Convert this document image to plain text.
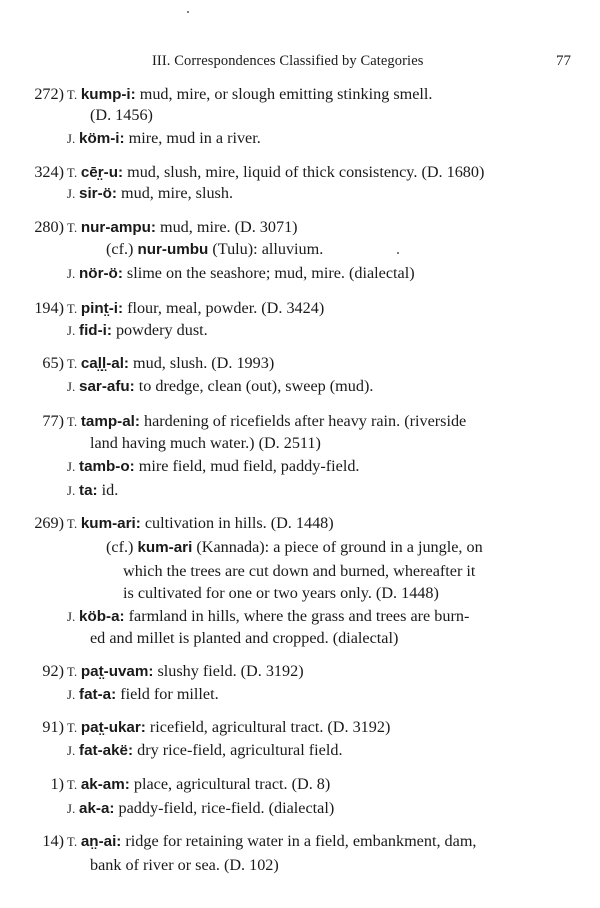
III. Correspondences Classified by Categories	77
272) T. kump-i: mud, mire, or slough emitting stinking smell.
(D. 1456)
J. köm-i: mire, mud in a river.
324) T. cēr̤-u: mud, slush, mire, liquid of thick consistency. (D. 1680)
J. sir-ö: mud, mire, slush.
280) T. nur-ampu: mud, mire. (D. 3071)
(cf.) nur-umbu (Tulu): alluvium.
J. nör-ö: slime on the seashore; mud, mire. (dialectal)
194) T. pint̤-i: flour, meal, powder. (D. 3424)
J. fid-i: powdery dust.
65) T. cal̤l̤-al: mud, slush. (D. 1993)
J. sar-afu: to dredge, clean (out), sweep (mud).
77) T. tamp-al: hardening of ricefields after heavy rain. (riverside
land having much water.) (D. 2511)
J. tamb-o: mire field, mud field, paddy-field.
J. ta: id.
269) T. kum-ari: cultivation in hills. (D. 1448)
(cf.) kum-ari (Kannada): a piece of ground in a jungle, on
which the trees are cut down and burned, whereafter it
is cultivated for one or two years only. (D. 1448)
J. köb-a: farmland in hills, where the grass and trees are burn-
ed and millet is planted and cropped. (dialectal)
92) T. pat̤-uvam: slushy field. (D. 3192)
J. fat-a: field for millet.
91) T. pat̤-ukar: ricefield, agricultural tract. (D. 3192)
J. fat-akë: dry rice-field, agricultural field.
1) T. ak-am: place, agricultural tract. (D. 8)
J. ak-a: paddy-field, rice-field. (dialectal)
14) T. an̤-ai: ridge for retaining water in a field, embankment, dam,
bank of river or sea. (D. 102)
